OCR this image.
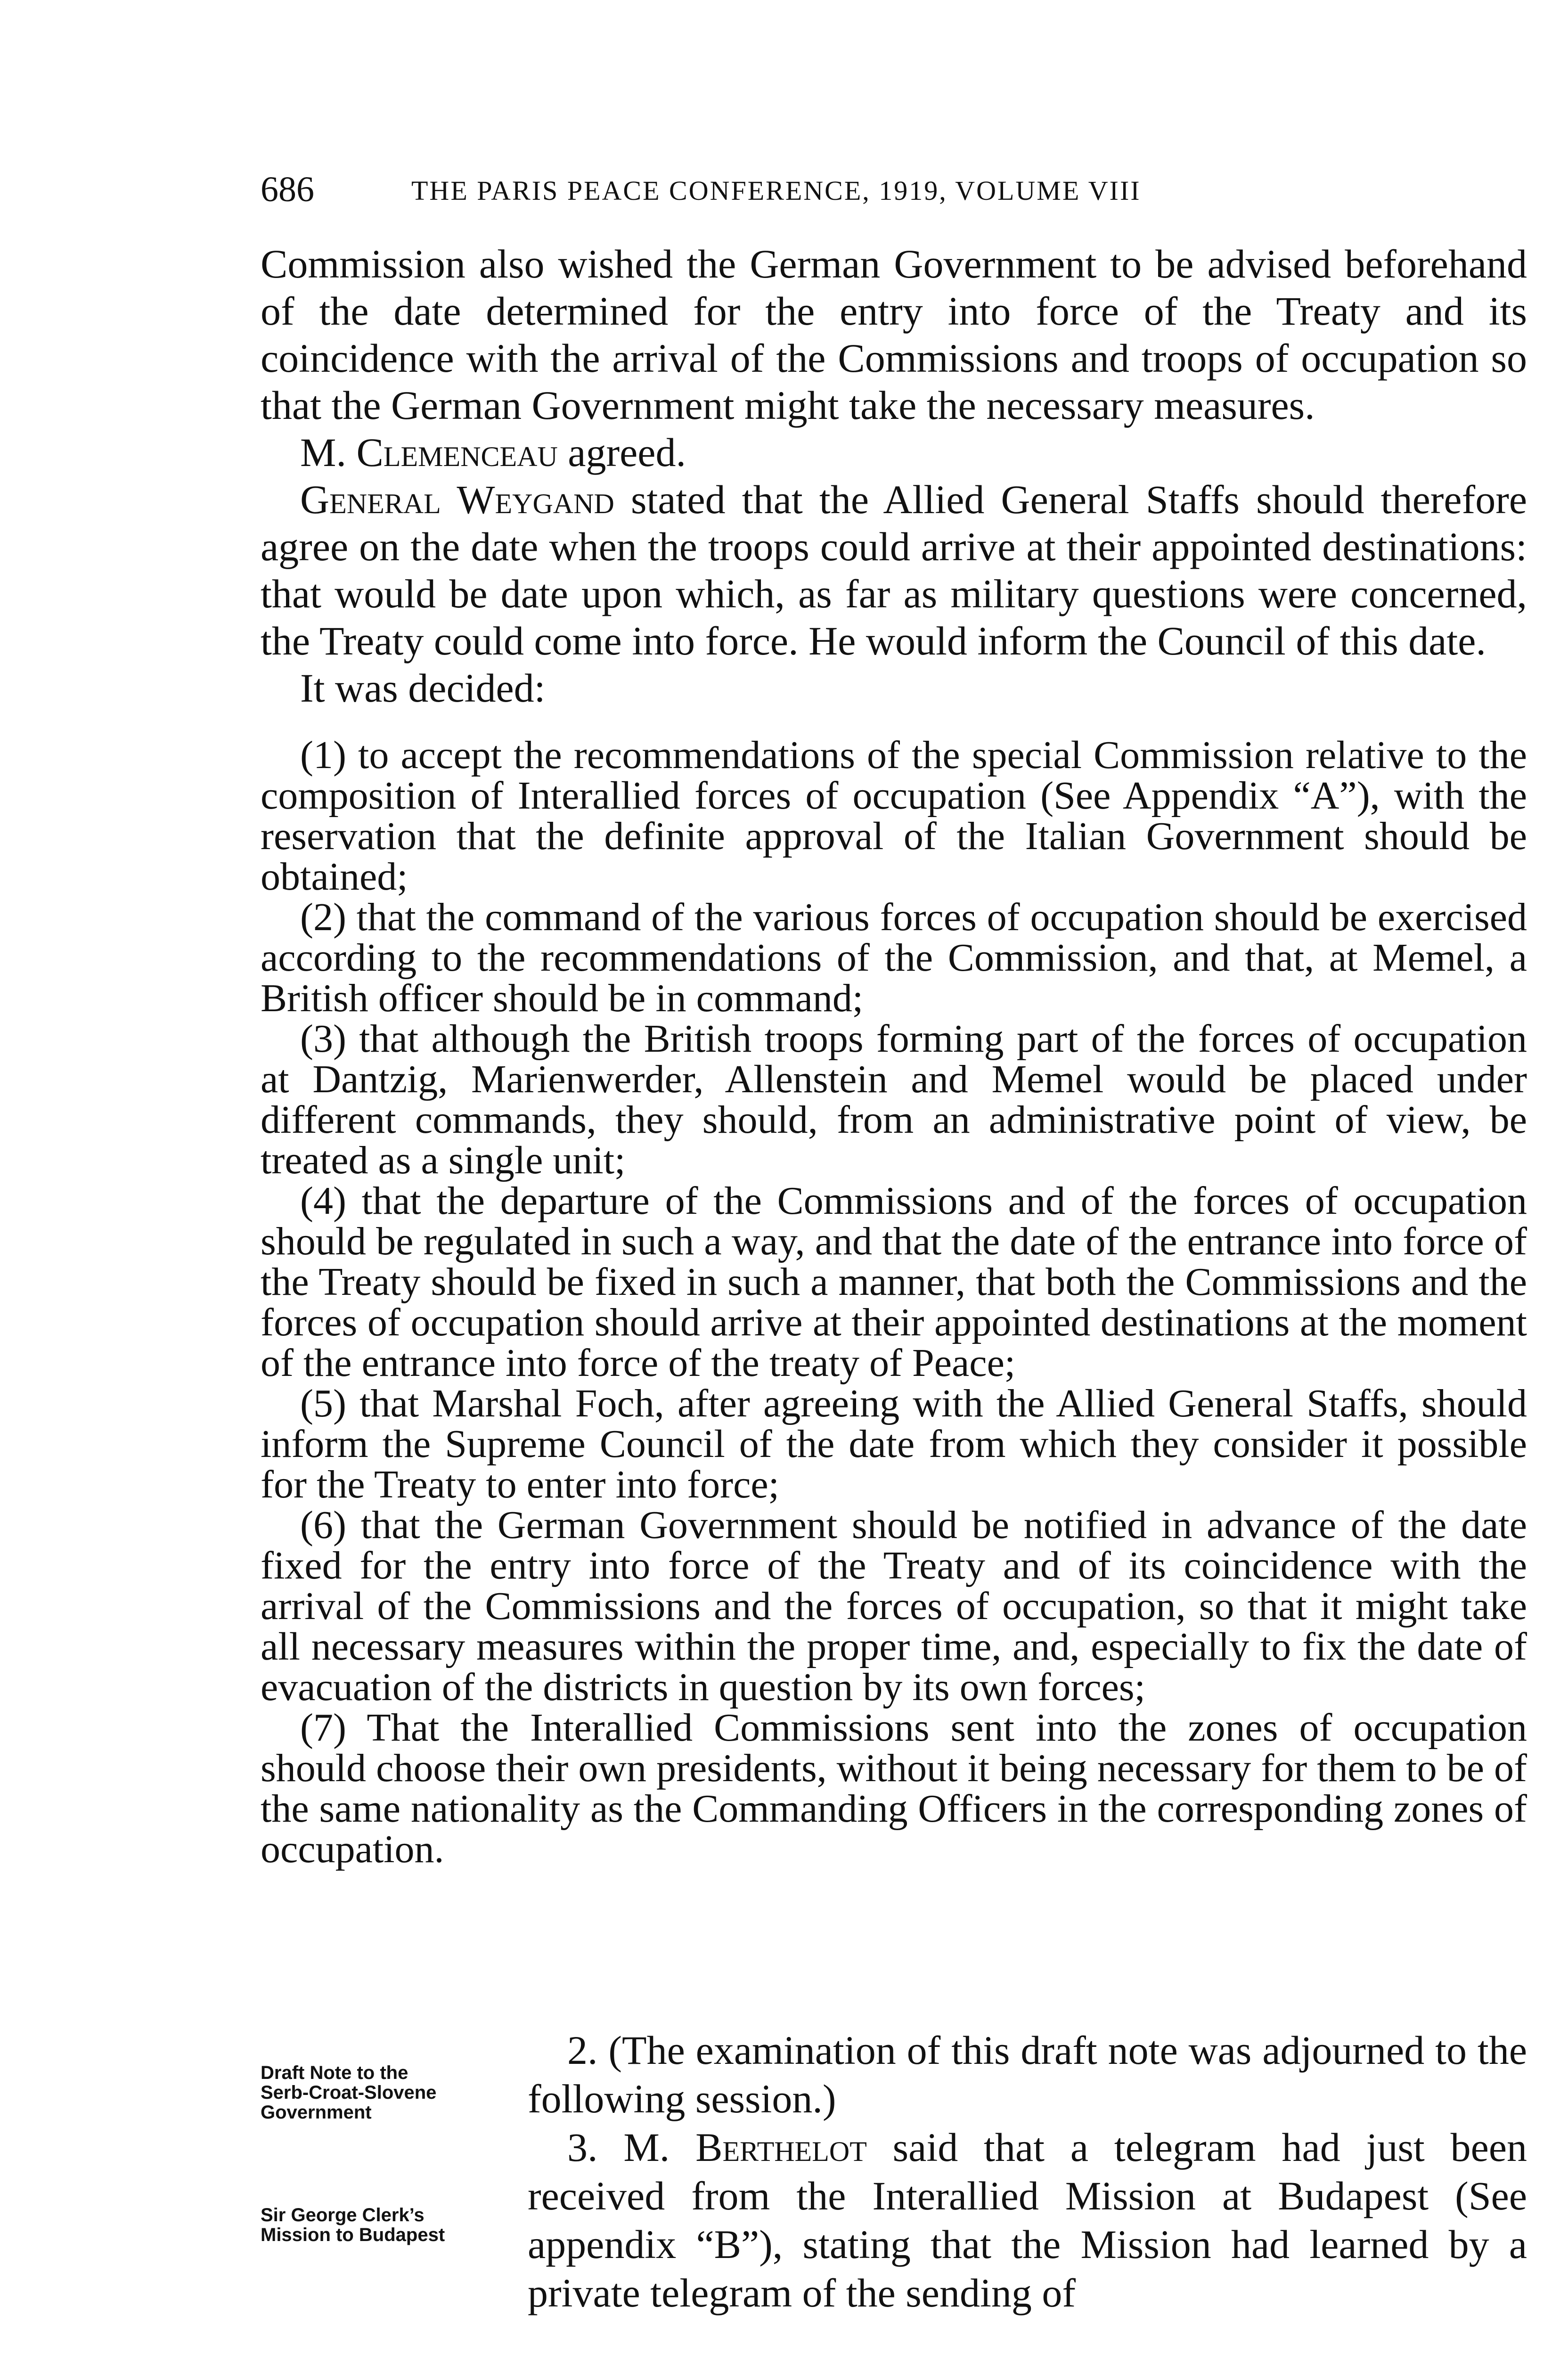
686	THE PARIS PEACE CONFERENCE, 1919, VOLUME VIII

Commission also wished the German Government to be advised beforehand of the date determined for the entry into force of the Treaty and its coincidence with the arrival of the Commissions and troops of occupation so that the German Government might take the necessary measures.

M. Clemenceau agreed.

General Weygand stated that the Allied General Staffs should therefore agree on the date when the troops could arrive at their appointed destinations: that would be date upon which, as far as military questions were concerned, the Treaty could come into force. He would inform the Council of this date.

It was decided:

(1) to accept the recommendations of the special Commission relative to the composition of Interallied forces of occupation (See Appendix “A”), with the reservation that the definite approval of the Italian Government should be obtained;

(2) that the command of the various forces of occupation should be exercised according to the recommendations of the Commission, and that, at Memel, a British officer should be in command;

(3) that although the British troops forming part of the forces of occupation at Dantzig, Marienwerder, Allenstein and Memel would be placed under different commands, they should, from an administrative point of view, be treated as a single unit;

(4) that the departure of the Commissions and of the forces of occupation should be regulated in such a way, and that the date of the entrance into force of the Treaty should be fixed in such a manner, that both the Commissions and the forces of occupation should arrive at their appointed destinations at the moment of the entrance into force of the treaty of Peace;

(5) that Marshal Foch, after agreeing with the Allied General Staffs, should inform the Supreme Council of the date from which they consider it possible for the Treaty to enter into force;

(6) that the German Government should be notified in advance of the date fixed for the entry into force of the Treaty and of its coincidence with the arrival of the Commissions and the forces of occupation, so that it might take all necessary measures within the proper time, and, especially to fix the date of evacuation of the districts in question by its own forces;

(7) That the Interallied Commissions sent into the zones of occupation should choose their own presidents, without it being necessary for them to be of the same nationality as the Commanding Officers in the corresponding zones of occupation.

Draft Note to the Serb-Croat-Slovene Government
Sir George Clerk’s Mission to Budapest

2. (The examination of this draft note was adjourned to the following session.)

3. M. Berthelot said that a telegram had just been received from the Interallied Mission at Budapest (See appendix “B”), stating that the Mission had learned by a private telegram of the sending of
